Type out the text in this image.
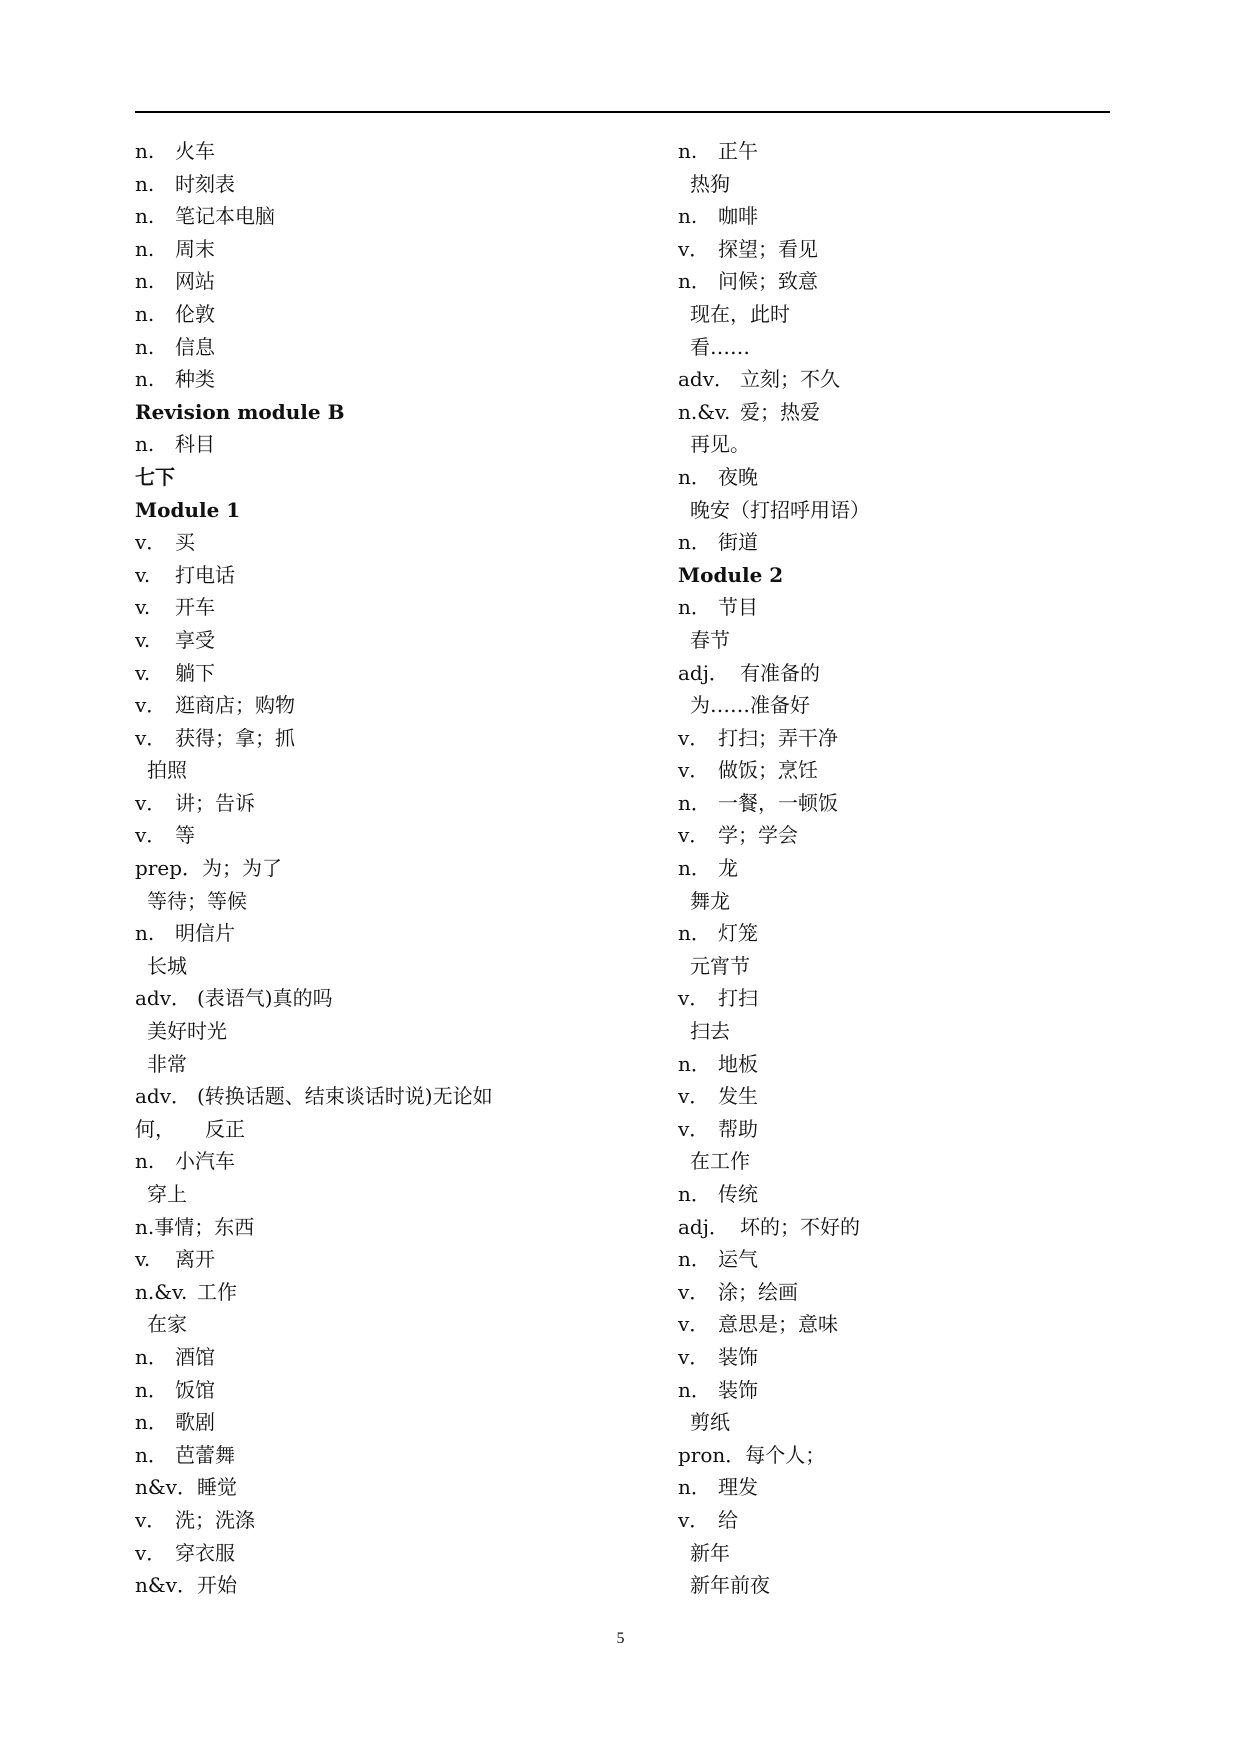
n. 火车
n. 时刻表
n. 笔记本电脑
n. 周末
n. 网站
n. 伦敦
n. 信息
n. 种类
Revision module B
n. 科目
七下
Module 1
v． 买
v. 打电话
v. 开车
v. 享受
v. 躺下
v． 逛商店；购物
v． 获得；拿；抓
拍照
v． 讲；告诉
v． 等
prep．为；为了
等待；等候
n. 明信片
长城
adv． (表语气)真的吗
美好时光
非常
adv． (转换话题、结束谈话时说)无论如
何，　　反正
n. 小汽车
穿上
n.事情；东西
v. 离开
n.&v. 工作
在家
n． 酒馆
n． 饭馆
n． 歌剧
n． 芭蕾舞
n&v．睡觉
v． 洗；洗涤
v． 穿衣服
n&v．开始
n. 正午
热狗
n. 咖啡
v． 探望；看见
n． 问候；致意
现在，此时
看……
adv． 立刻；不久
n.&v. 爱；热爱
再见。
n． 夜晚
晚安（打招呼用语）
n． 街道
Module 2
n． 节目
春节
adj． 有准备的
为……准备好
v． 打扫；弄干净
v． 做饭；烹饪
n． 一餐，一顿饭
v． 学；学会
n． 龙
舞龙
n． 灯笼
元宵节
v． 打扫
扫去
n． 地板
v． 发生
v． 帮助
在工作
n． 传统
adj． 坏的；不好的
n． 运气
v． 涂；绘画
v． 意思是；意味
v． 装饰
n． 装饰
剪纸
pron．每个人；
n． 理发
v． 给
新年
新年前夜
5
